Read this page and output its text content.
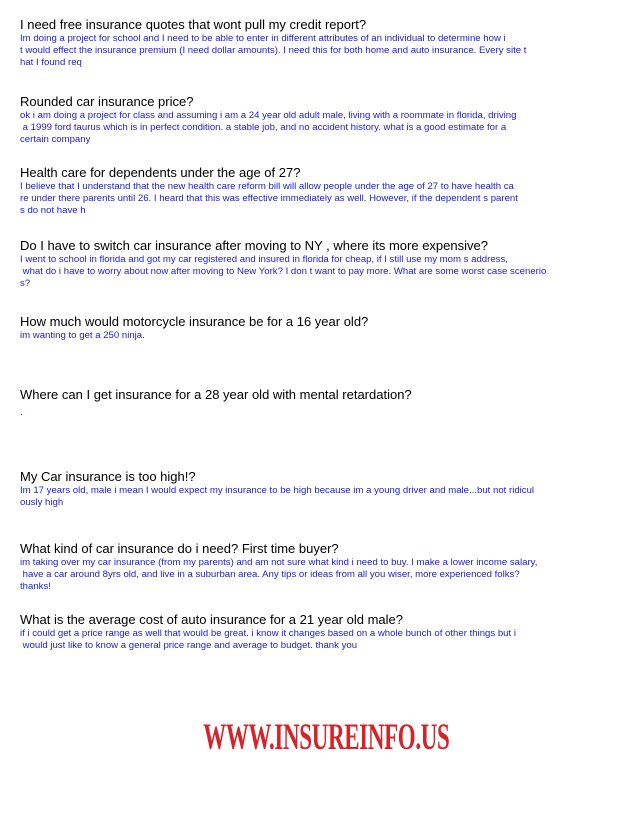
I need free insurance quotes that wont pull my credit report?
Im doing a project for school and I need to be able to enter in different attributes of an individual to determine how i
t would effect the insurance premium (I need dollar amounts). I need this for both home and auto insurance. Every site t
hat I found req
Rounded car insurance price?
ok i am doing a project for class and assuming i am a 24 year old adult male, living with a roommate in florida, driving
a 1999 ford taurus which is in perfect condition. a stable job, and no accident history. what is a good estimate for a
certain company
Health care for dependents under the age of 27?
I believe that I understand that the new health care reform bill will allow people under the age of 27 to have health ca
re under there parents until 26. I heard that this was effective immediately as well. However, if the dependent s parent
s do not have h
Do I have to switch car insurance after moving to NY , where its more expensive?
I went to school in florida and got my car registered and insured in florida for cheap, if I still use my mom s address,
what do i have to worry about now after moving to New York? I don t want to pay more. What are some worst case scenerio
s?
How much would motorcycle insurance be for a 16 year old?
im wanting to get a 250 ninja.
Where can I get insurance for a 28 year old with mental retardation?
.
My Car insurance is too high!?
Im 17 years old, male i mean I would expect my insurance to be high because im a young driver and male...but not ridicul
ously high
What kind of car insurance do i need? First time buyer?
im taking over my car insurance (from my parents) and am not sure what kind i need to buy. I make a lower income salary,
have a car around 8yrs old, and live in a suburban area. Any tips or ideas from all you wiser, more experienced folks?
thanks!
What is the average cost of auto insurance for a 21 year old male?
if i could get a price range as well that would be great. i know it changes based on a whole bunch of other things but i
would just like to know a general price range and average to budget. thank you
WWW.INSUREINFO.US
